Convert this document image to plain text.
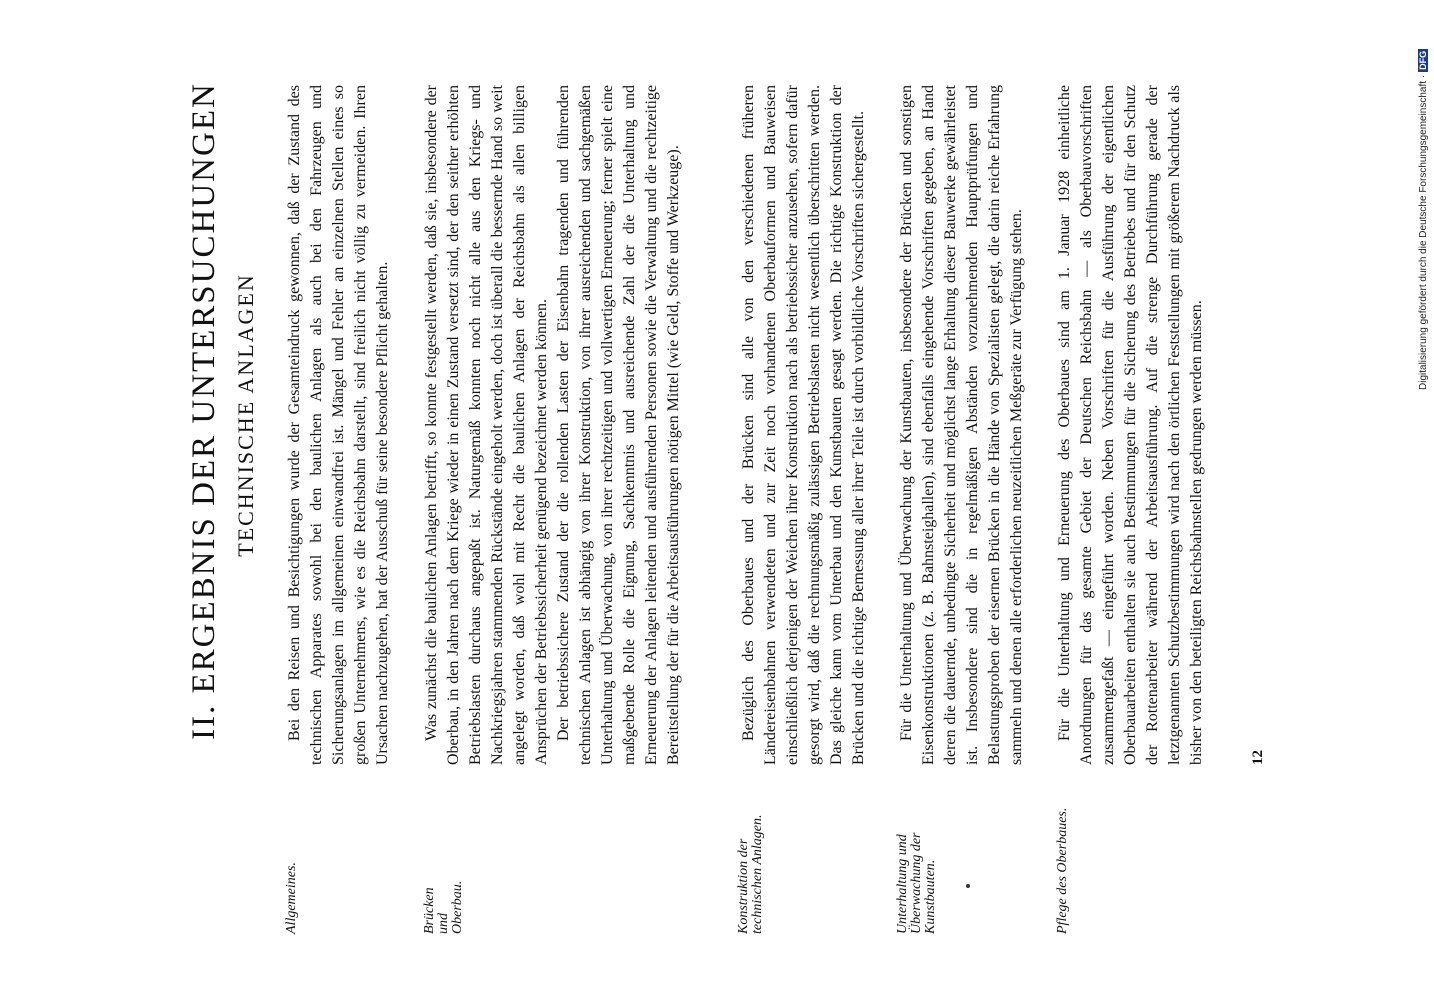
II. ERGEBNIS DER UNTERSUCHUNGEN TECHNISCHE ANLAGEN
Allgemeines.

Bei den Reisen und Besichtigungen wurde der Gesamteindruck gewonnen, daß der Zustand des technischen Apparates sowohl bei den baulichen Anlagen als auch bei den Fahrzeugen und Sicherungsanlagen im allgemeinen einwandfrei ist. Mängel und Fehler an einzelnen Stellen eines so großen Unternehmens, wie es die Reichsbahn darstellt, sind freilich nicht völlig zu vermeiden. Ihren Ursachen nachzugehen, hat der Ausschuß für seine besondere Pflicht gehalten.

Brücken und Oberbau.

Was zunächst die baulichen Anlagen betrifft, so konnte festgestellt werden, daß sie, insbesondere der Oberbau, in den Jahren nach dem Kriege wieder in einen Zustand versetzt sind, der den seither erhöhten Betriebslasten durchaus angepaßt ist. Naturgemäß konnten noch nicht alle aus den Kriegs- und Nachkriegsjahren stammenden Rückstände eingeholt werden, doch ist überall die bessernde Hand so weit angelegt worden, daß wohl mit Recht die baulichen Anlagen der Reichsbahn als allen billigen Ansprüchen der Betriebssicherheit genügend bezeichnet werden können. Der betriebssichere Zustand der die rollenden Lasten der Eisenbahn tragenden und führenden technischen Anlagen ist abhängig von ihrer Konstruktion, von ihrer ausreichenden und sachgemäßen Unterhaltung und Überwachung, von ihrer rechtzeitigen und vollwertigen Erneuerung; ferner spielt eine maßgebende Rolle die Eignung, Sachkenntnis und ausreichende Zahl der die Unterhaltung und Erneuerung der Anlagen leitenden und ausführenden Personen sowie die Verwaltung und die rechtzeitige Bereitstellung der für die Arbeitsausführungen nötigen Mittel (wie Geld, Stoffe und Werkzeuge).

Konstruktion der technischen Anlagen.

Bezüglich des Oberbaues und der Brücken sind alle von den verschiedenen früheren Ländereisenbahnen verwendeten und zur Zeit noch vorhandenen Oberbauformen und Bauweisen einschließlich derjenigen der Weichen ihrer Konstruktion nach als betriebssicher anzusehen, sofern dafür gesorgt wird, daß die rechnungsmäßig zulässigen Betriebslasten nicht wesentlich überschritten werden. Das gleiche kann vom Unterbau und den Kunstbauten gesagt werden. Die richtige Konstruktion der Brücken und die richtige Bemessung aller ihrer Teile ist durch vorbildliche Vorschriften sichergestellt.

Unterhaltung und Überwachung der Kunstbauten.

Für die Unterhaltung und Überwachung der Kunstbauten, insbesondere der Brücken und sonstigen Eisenkonstruktionen (z. B. Bahnsteighallen), sind ebenfalls eingehende Vorschriften gegeben, an Hand deren die dauernde, unbedingte Sicherheit und möglichst lange Erhaltung dieser Bauwerke gewährleistet ist. Insbesondere sind die in regelmäßigen Abständen vorzunehmenden Hauptprüfungen und Belastungsproben der eisernen Brücken in die Hände von Spezialisten gelegt, die darin reiche Erfahrung sammeln und denen alle erforderlichen neuzeitlichen Meßgeräte zur Verfügung stehen.

Pflege des Oberbaues.

Für die Unterhaltung und Erneuerung des Oberbaues sind am 1. Januar 1928 einheitliche Anordnungen für das gesamte Gebiet der Deutschen Reichsbahn — als Oberbauvorschriften zusammengefaßt — eingeführt worden. Neben Vorschriften für die Ausführung der eigentlichen Oberbauarbeiten enthalten sie auch Bestimmungen für die Sicherung des Betriebes und für den Schutz der Rottenarbeiter während der Arbeitsausführung. Auf die strenge Durchführung gerade der letztgenannten Schutzbestimmungen wird nach den örtlichen Feststellungen mit größerem Nachdruck als bisher von den beteiligten Reichsbahnstellen gedrungen werden müssen.	12
Digitalisierung gefördert durch die Deutsche Forschungsgemeinschaft ·DFG
